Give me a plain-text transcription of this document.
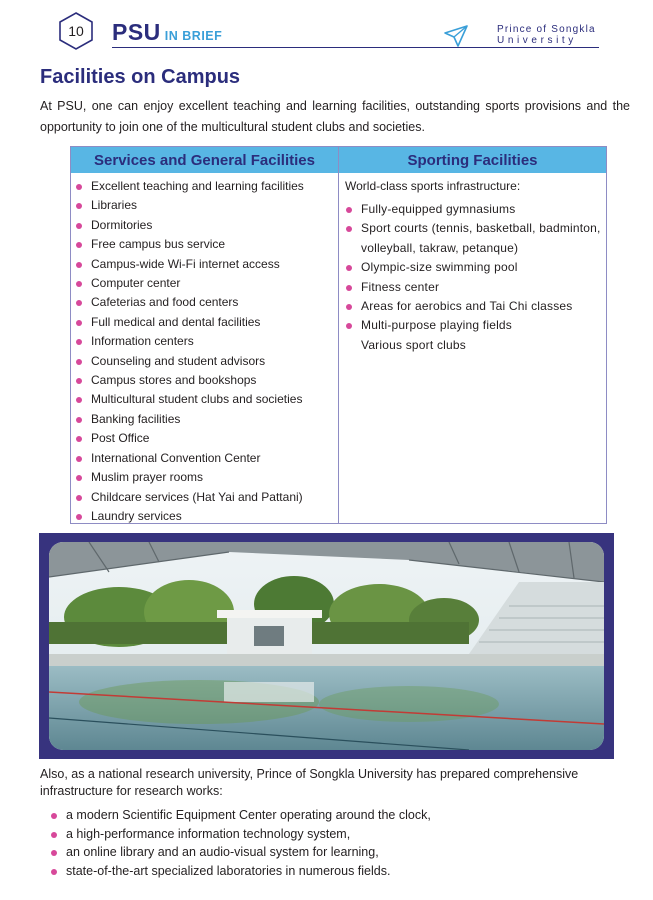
10 PSU IN BRIEF	Prince of Songkla
University
Facilities on Campus

At PSU, one can enjoy excellent teaching and learning facilities, outstanding sports provisions and the opportunity to join one of the multicultural student clubs and societies.

Services and General Facilities	Sporting Facilities
Excellent teaching and learning facilities
Libraries
Dormitories
Free campus bus service
Campus-wide Wi-Fi internet access
Computer center
Cafeterias and food centers
Full medical and dental facilities
Information centers
Counseling and student advisors
Campus stores and bookshops
Multicultural student clubs and societies
Banking facilities
Post Office
International Convention Center
Muslim prayer rooms
Childcare services (Hat Yai and Pattani)
Laundry services

World-class sports infrastructure:

Fully-equipped gymnasiums
Sport courts (tennis, basketball, badminton, volleyball, takraw, petanque)
Olympic-size swimming pool
Fitness center
Areas for aerobics and Tai Chi classes
Multi-purpose playing fields
Various sport clubs

Also, as a national research university, Prince of Songkla University has prepared comprehensive infrastructure for research works:

a modern Scientific Equipment Center operating around the clock,
a high-performance information technology system,
an online library and an audio-visual system for learning,
state-of-the-art specialized laboratories in numerous fields.
